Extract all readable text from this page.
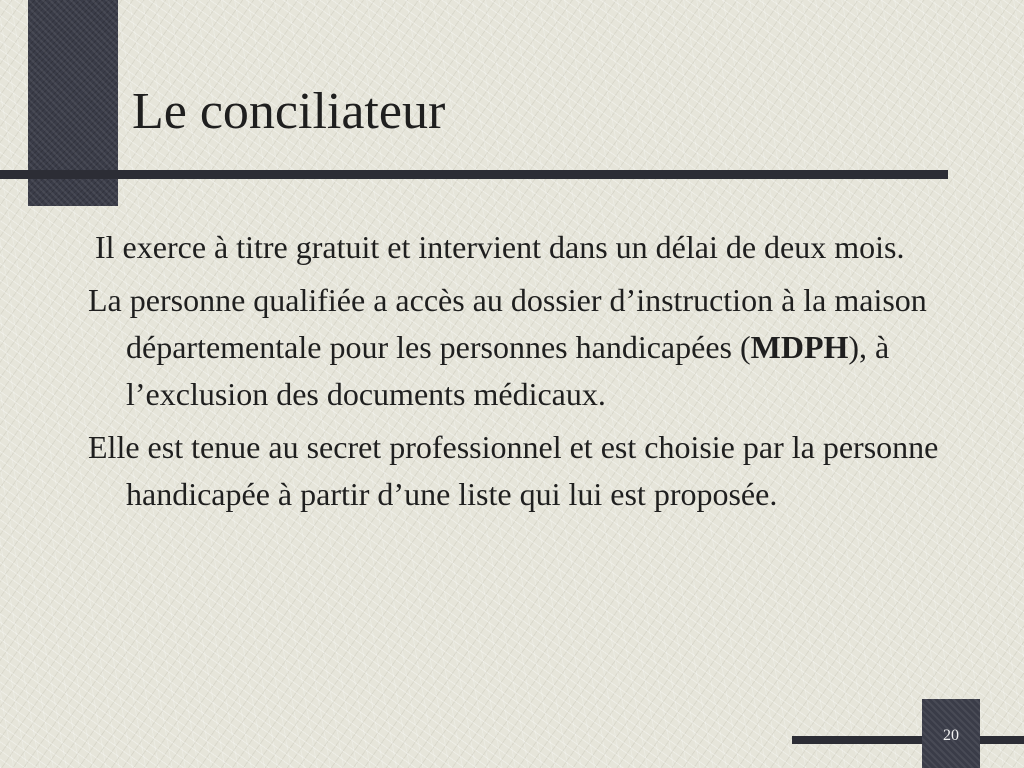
Le conciliateur
Il exerce à titre gratuit et intervient dans un délai de deux mois.
La personne qualifiée a accès au dossier d’instruction à la maison départementale pour les personnes handicapées (MDPH), à l’exclusion des documents médicaux.
Elle est tenue au secret professionnel et est choisie par la personne handicapée à partir d’une liste qui lui est proposée.
20
